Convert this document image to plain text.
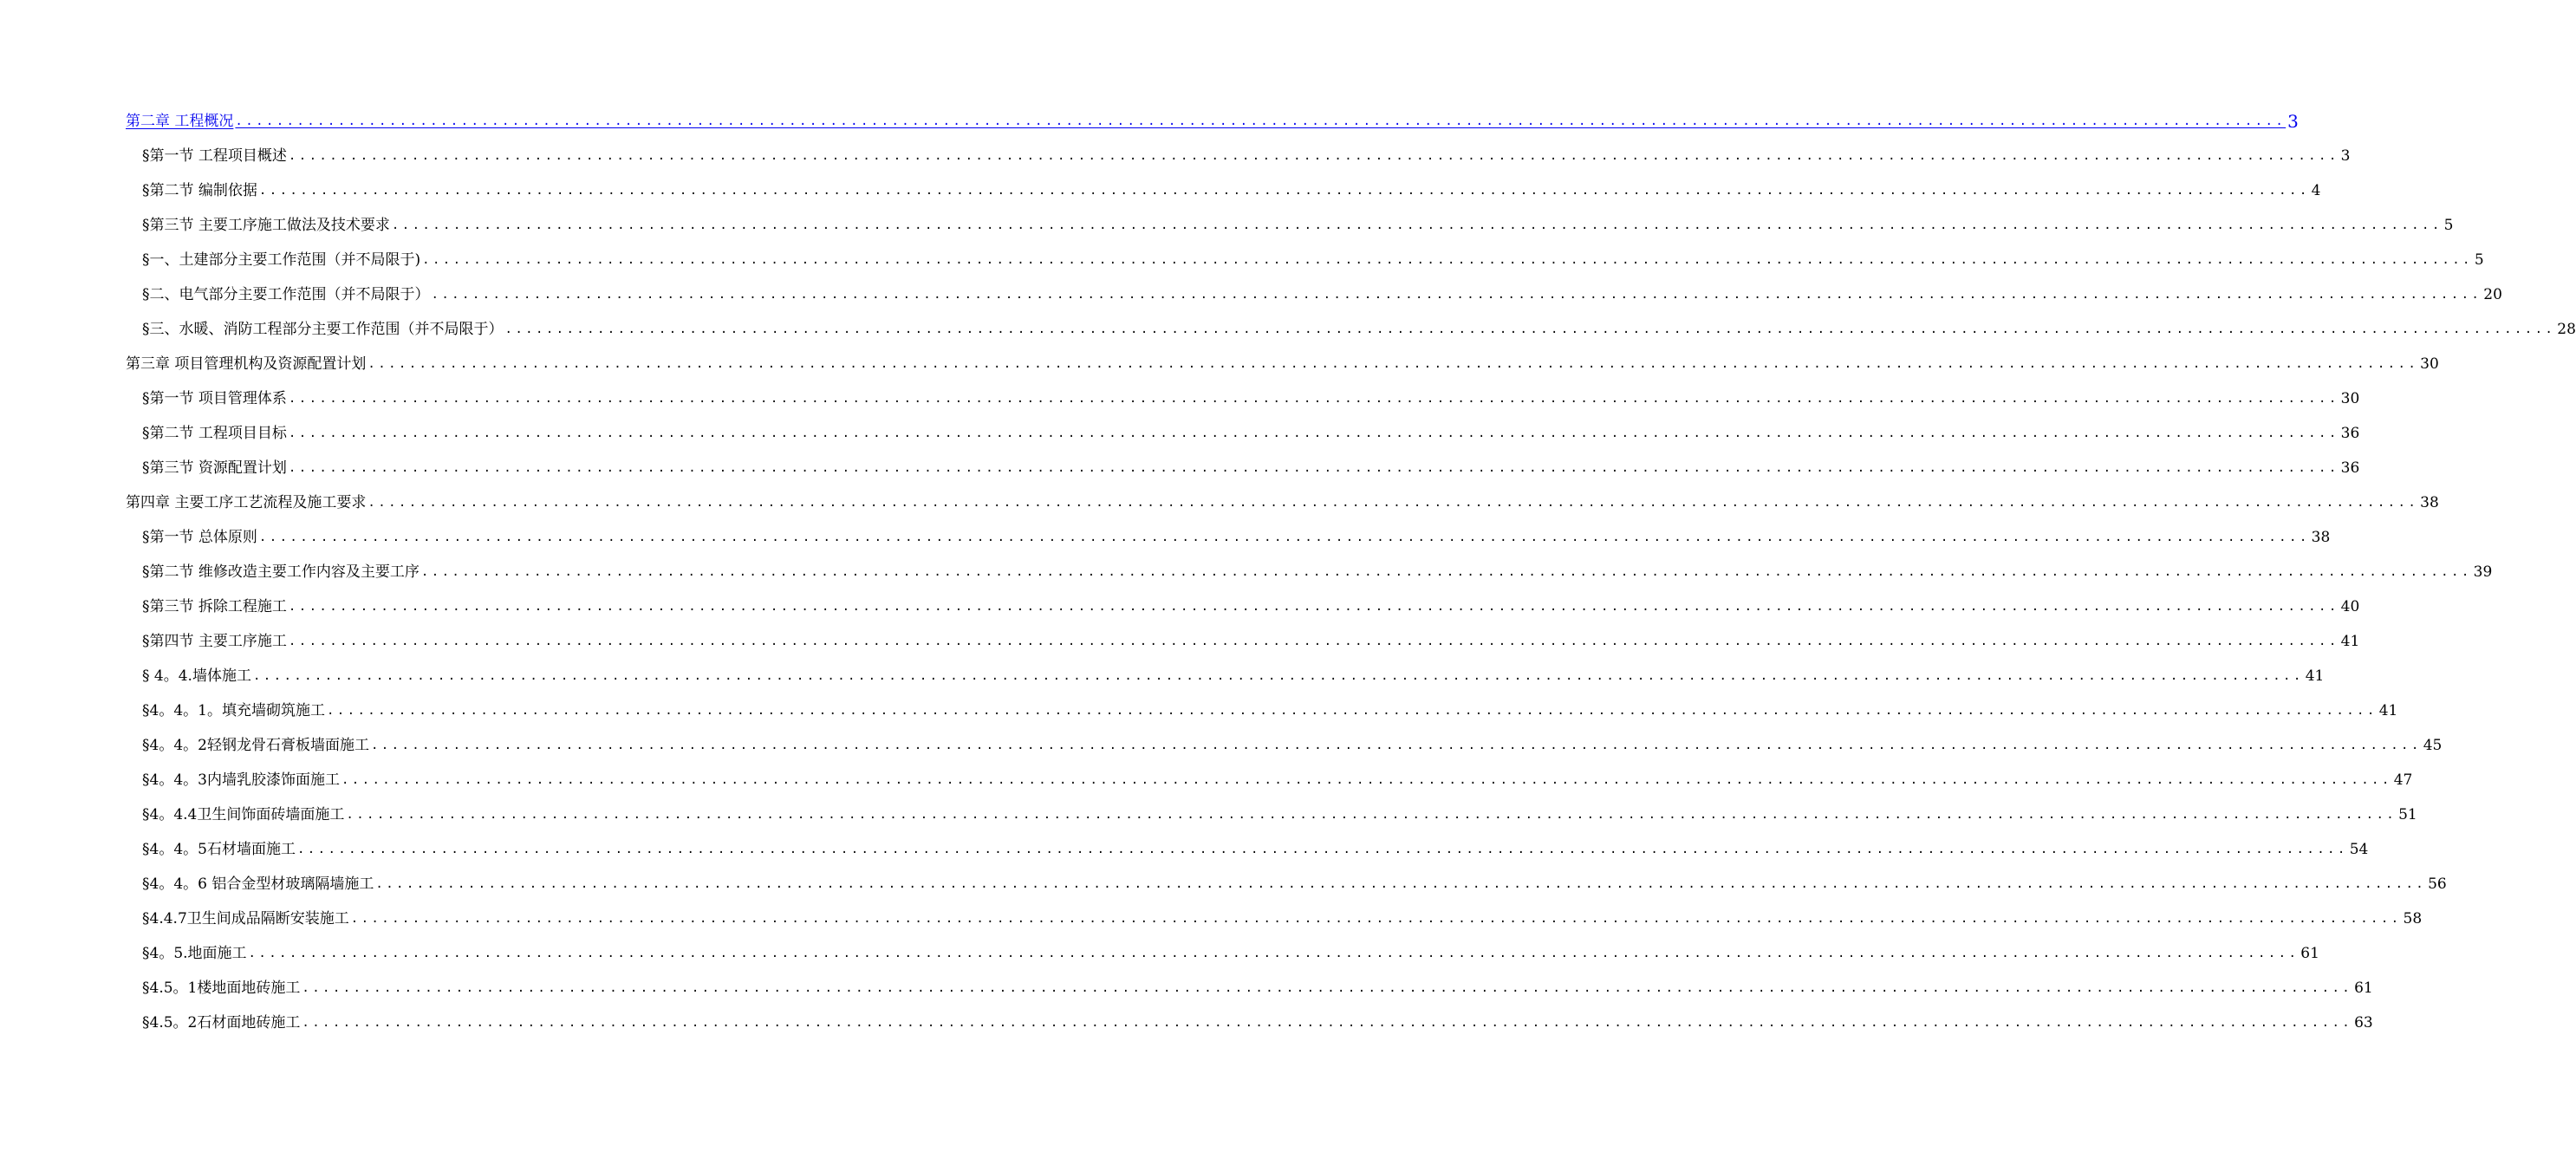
第二章 工程概况 ........................................................................................................................................................................................................ 3
§第一节 工程项目概述 ........................................................................................................................................................................................................ 3
§第二节 编制依据 ........................................................................................................................................................................................................ 4
§第三节 主要工序施工做法及技术要求 ........................................................................................................................................................................................................ 5
§一、土建部分主要工作范围（并不局限于) ........................................................................................................................................................................................................ 5
§二、电气部分主要工作范围（并不局限于） ........................................................................................................................................................................................................ 20
§三、水暖、消防工程部分主要工作范围（并不局限于） ........................................................................................................................................................................................................ 28
第三章 项目管理机构及资源配置计划 ........................................................................................................................................................................................................ 30
§第一节 项目管理体系 ........................................................................................................................................................................................................ 30
§第二节 工程项目目标 ........................................................................................................................................................................................................ 36
§第三节 资源配置计划 ........................................................................................................................................................................................................ 36
第四章 主要工序工艺流程及施工要求 ........................................................................................................................................................................................................ 38
§第一节 总体原则 ........................................................................................................................................................................................................ 38
§第二节 维修改造主要工作内容及主要工序 ........................................................................................................................................................................................................ 39
§第三节 拆除工程施工 ........................................................................................................................................................................................................ 40
§第四节 主要工序施工 ........................................................................................................................................................................................................ 41
§ 4。4.墙体施工 ........................................................................................................................................................................................................ 41
§4。4。1。填充墙砌筑施工 ........................................................................................................................................................................................................ 41
§4。4。2轻钢龙骨石膏板墙面施工 ........................................................................................................................................................................................................ 45
§4。4。3内墙乳胶漆饰面施工 ........................................................................................................................................................................................................ 47
§4。4.4卫生间饰面砖墙面施工 ........................................................................................................................................................................................................ 51
§4。4。5石材墙面施工 ........................................................................................................................................................................................................ 54
§4。4。6 铝合金型材玻璃隔墙施工 ........................................................................................................................................................................................................ 56
§4.4.7卫生间成品隔断安装施工 ........................................................................................................................................................................................................ 58
§4。5.地面施工 ........................................................................................................................................................................................................ 61
§4.5。1楼地面地砖施工 ........................................................................................................................................................................................................ 61
§4.5。2石材面地砖施工 ........................................................................................................................................................................................................ 63
